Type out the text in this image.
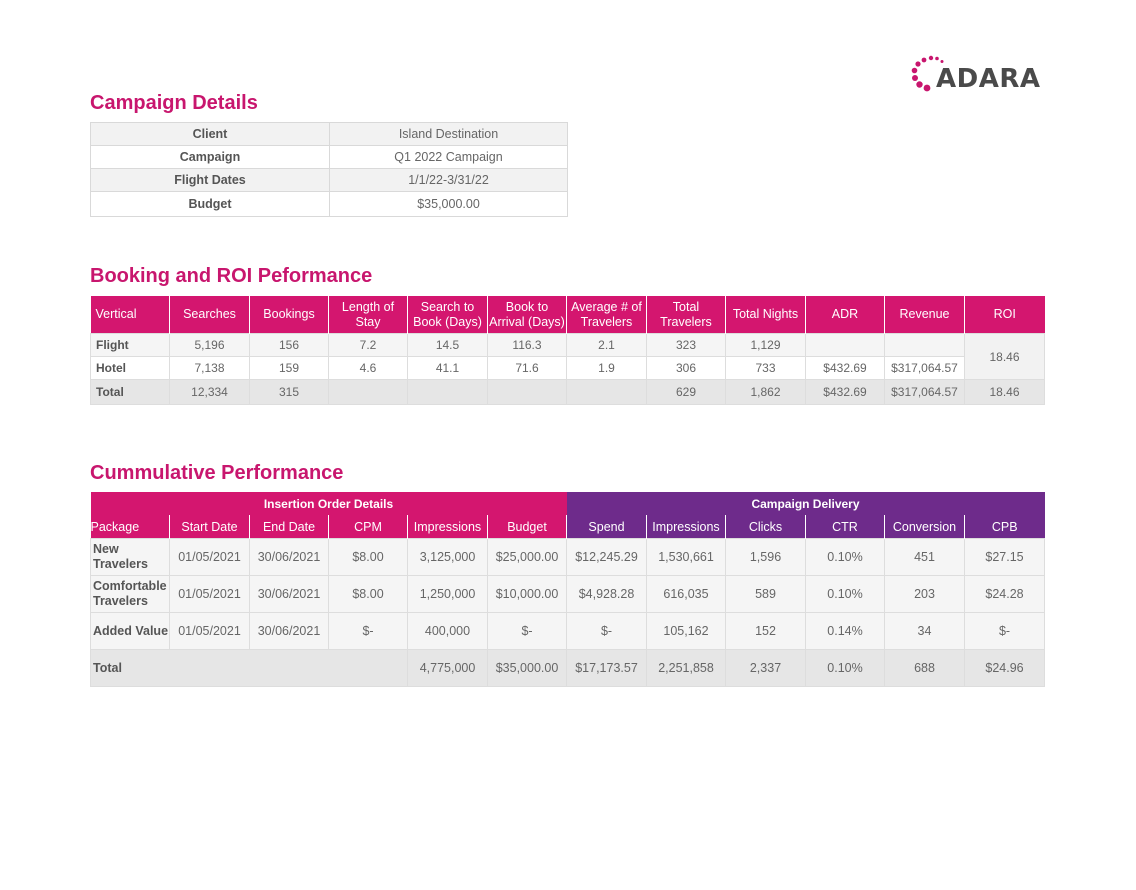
ADARA
Campaign Details
Client	Island Destination
Campaign	Q1 2022 Campaign
Flight Dates	1/1/22-3/31/22
Budget	$35,000.00
Booking and ROI Peformance
Vertical	Searches	Bookings	Length of Stay	Search to Book (Days)	Book to Arrival (Days)	Average # of Travelers	Total Travelers	Total Nights	ADR	Revenue	ROI
Flight	5,196	156	7.2	14.5	116.3	2.1	323	1,129			18.46
Hotel	7,138	159	4.6	41.1	71.6	1.9	306	733	$432.69	$317,064.57	
Total	12,334	315					629	1,862	$432.69	$317,064.57	18.46
Cummulative Performance
Insertion Order Details						Campaign Delivery					
Package	Start Date	End Date	CPM	Impressions	Budget	Spend	Impressions	Clicks	CTR	Conversion	CPB
New Travelers	01/05/2021	30/06/2021	$8.00	3,125,000	$25,000.00	$12,245.29	1,530,661	1,596	0.10%	451	$27.15
Comfortable Travelers	01/05/2021	30/06/2021	$8.00	1,250,000	$10,000.00	$4,928.28	616,035	589	0.10%	203	$24.28
Added Value	01/05/2021	30/06/2021	$-	400,000	$-	$-	105,162	152	0.14%	34	$-
Total				4,775,000	$35,000.00	$17,173.57	2,251,858	2,337	0.10%	688	$24.96
